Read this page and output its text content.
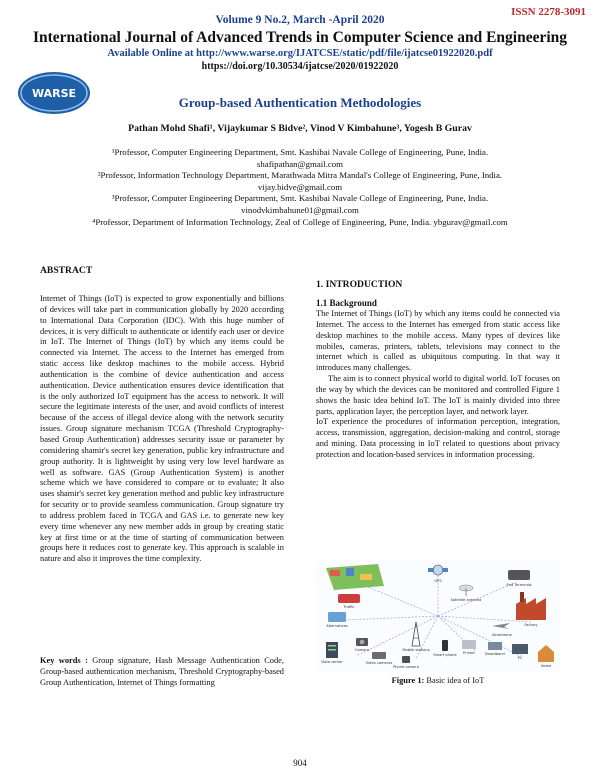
ISSN 2278-3091
Volume 9 No.2, March -April 2020
International Journal of Advanced Trends in Computer Science and Engineering
Available Online at http://www.warse.org/IJATCSE/static/pdf/file/ijatcse01922020.pdf
https://doi.org/10.30534/ijatcse/2020/01922020
WARSE
Group-based Authentication Methodologies
Pathan Mohd Shafi¹, Vijaykumar S Bidve², Vinod V Kimbahune³, Yogesh B Gurav

¹Professor, Computer Engineering Department, Smt. Kashibai Navale College of Engineering, Pune, India. shafipathan@gmail.com

²Professor, Information Technology Department, Marathwada Mitra Mandal's College of Engineering, Pune, India. vijay.bidve@gmail.com

³Professor, Computer Engineering Department, Smt. Kashibai Navale College of Engineering, Pune, India. vinodvkimbahune01@gmail.com

⁴Professor, Department of Information Technology, Zeal of College of Engineering, Pune, India. ybgurav@gmail.com

ABSTRACT
Internet of Things (IoT) is expected to grow exponentially and billions of devices will take part in communication globally by 2020 according to International Data Corporation (IDC). With this huge number of devices, it is very difficult to authenticate or identify each user or device in IoT. The Internet of Things (IoT) by which any items could be connected via Internet. The access to the Internet has emerged from static access like desktop machines to the mobile access. Hybrid authentication is the combine of device authentication and access authentication. Device authentication ensures device identification that is the only authorized IoT equipment has the access to network. It will secure the legitimate interests of the user, and avoid conflicts of interest because of the access of illegal device along with the network security issues. Group signature mechanism TCGA (Threshold Cryptography-based Group Authentication) addresses security issue or parameter by considering shamir's secret key generation, public key infrastructure and group authority. It is lightweight by using very low level hardware as well as software. GAS (Group Authentication System) is another scheme which we have considered to compare or to evaluate; It also uses shamir's secret key generation method and public key infrastructure for security or to provide seamless communication. Group signature try to address problem faced in TCGA and GAS i.e. to generate new key every time whenever any new member adds in group by creating static key at first time or at the time of starting of communication between groups here it reduces cost to generate key. This approach is scalable in nature and also it improves the time complexity.
Key words : Group signature, Hash Message Authentication Code, Group-based authentication mechanism, Threshold Cryptography-based Group Authentication, Internet of Things formatting
1. INTRODUCTION
1.1 Background

The Internet of Things (IoT) by which any items could be connected via Internet. The access to the Internet has emerged from static access like desktop machines to the mobile access. Many types of devices like mobiles, cameras, printers, tablets, televisions may connect to the internet which is called as ubiquitous computing. In that way it introduces many challenges.

The aim is to connect physical world to digital world. IoT focuses on the way by which the devices can be monitored and controlled Figure 1 shows the basic idea behind IoT. The IoT is mainly divided into three parts, application layer, the perception layer, and network layer.

IoT experience the procedures of information perception, integration, access, transmission, aggregation, decision-making and control, storage and mining. Data processing in IoT related to questions about privacy protection and location-based services in information processing.

GPS
Satellite antenna
End Terminals
Traffic
Factory
Aerodrome
Alternatives
Mobile stations
Data center
Smart phone Printer	Broadband
Camera
PC
Video cameras
Phone camera	Home
Figure 1: Basic idea of IoT
904
